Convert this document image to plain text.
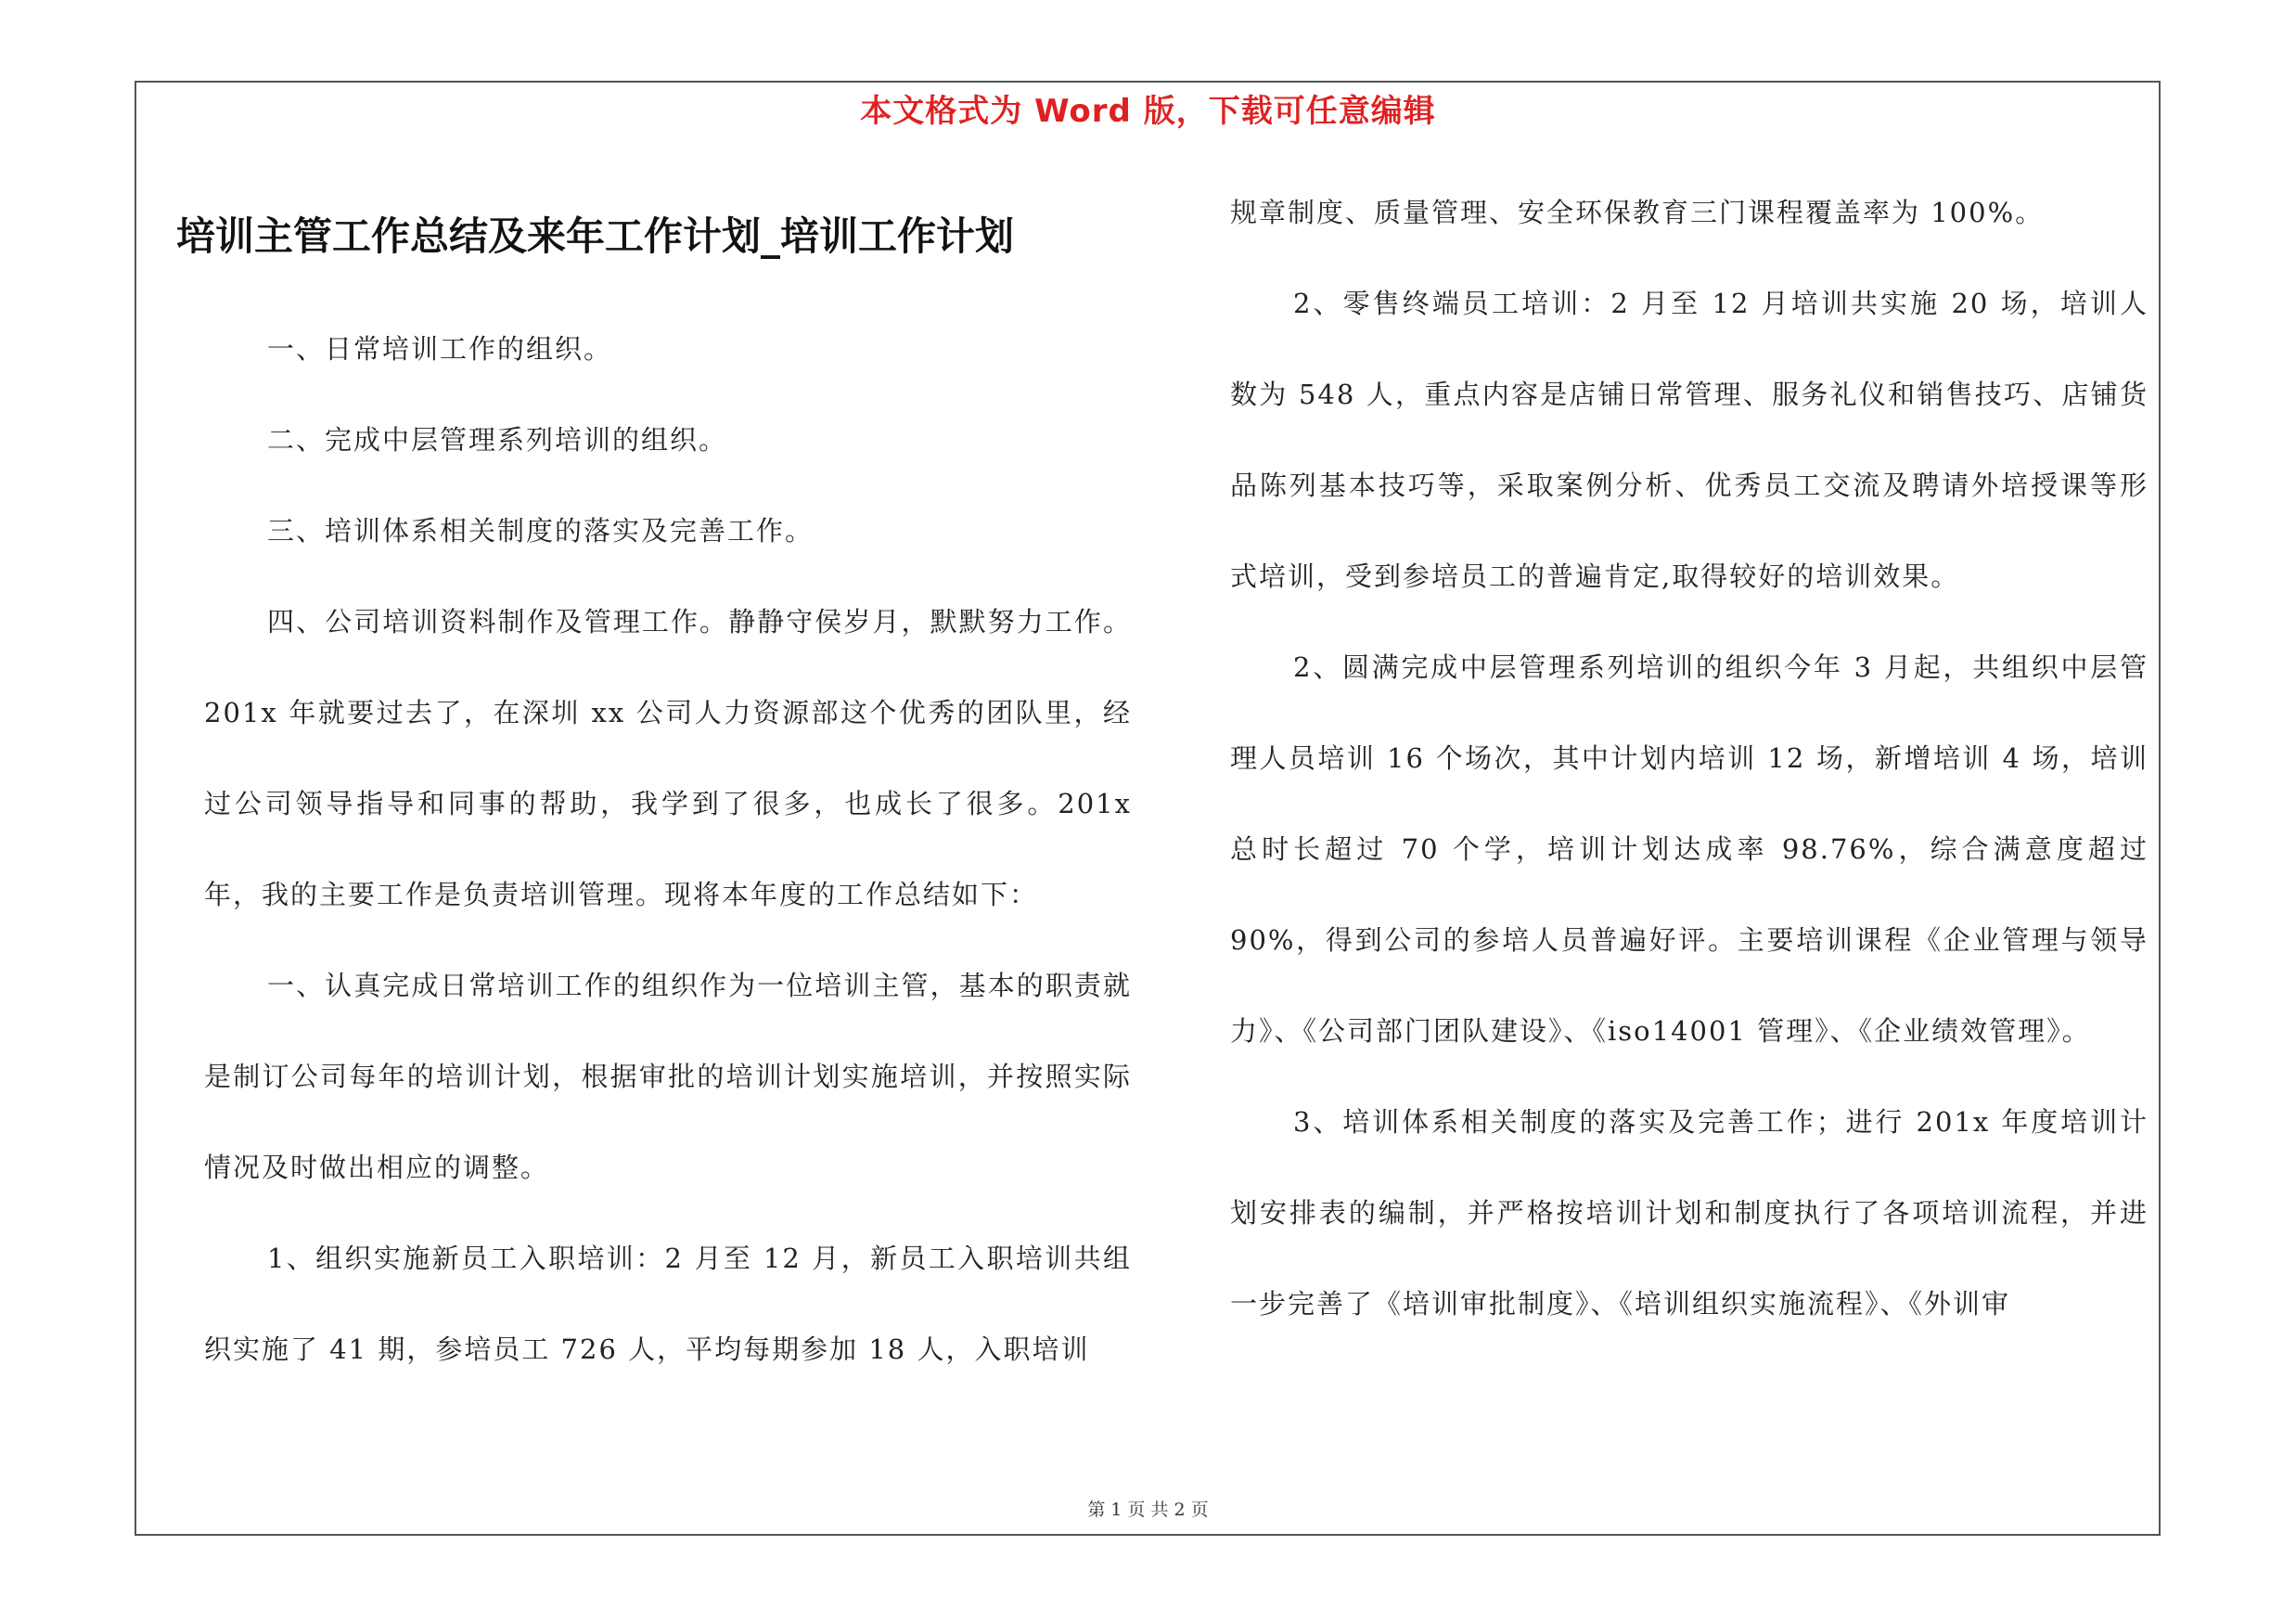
本文格式为 Word 版，下载可任意编辑
培训主管工作总结及来年工作计划_培训工作计划

一、日常培训工作的组织。

二、完成中层管理系列培训的组织。

三、培训体系相关制度的落实及完善工作。

四、公司培训资料制作及管理工作。静静守侯岁月，默默努力工作。201x 年就要过去了，在深圳 xx 公司人力资源部这个优秀的团队里，经过公司领导指导和同事的帮助，我学到了很多，也成长了很多。201x 年，我的主要工作是负责培训管理。现将本年度的工作总结如下：

一、认真完成日常培训工作的组织作为一位培训主管，基本的职责就是制订公司每年的培训计划，根据审批的培训计划实施培训，并按照实际情况及时做出相应的调整。

1、组织实施新员工入职培训：2 月至 12 月，新员工入职培训共组织实施了 41 期，参培员工 726 人，平均每期参加 18 人，入职培训

规章制度、质量管理、安全环保教育三门课程覆盖率为 100%。

2、零售终端员工培训：2 月至 12 月培训共实施 20 场，培训人数为 548 人，重点内容是店铺日常管理、服务礼仪和销售技巧、店铺货品陈列基本技巧等，采取案例分析、优秀员工交流及聘请外培授课等形式培训，受到参培员工的普遍肯定,取得较好的培训效果。

2、圆满完成中层管理系列培训的组织今年 3 月起，共组织中层管理人员培训 16 个场次，其中计划内培训 12 场，新增培训 4 场，培训总时长超过 70 个学，培训计划达成率 98.76%，综合满意度超过 90%，得到公司的参培人员普遍好评。主要培训课程《企业管理与领导力》、《公司部门团队建设》、《iso14001 管理》、《企业绩效管理》。

3、培训体系相关制度的落实及完善工作；进行 201x 年度培训计划安排表的编制，并严格按培训计划和制度执行了各项培训流程，并进一步完善了《培训审批制度》、《培训组织实施流程》、《外训审

第 1 页 共 2 页
